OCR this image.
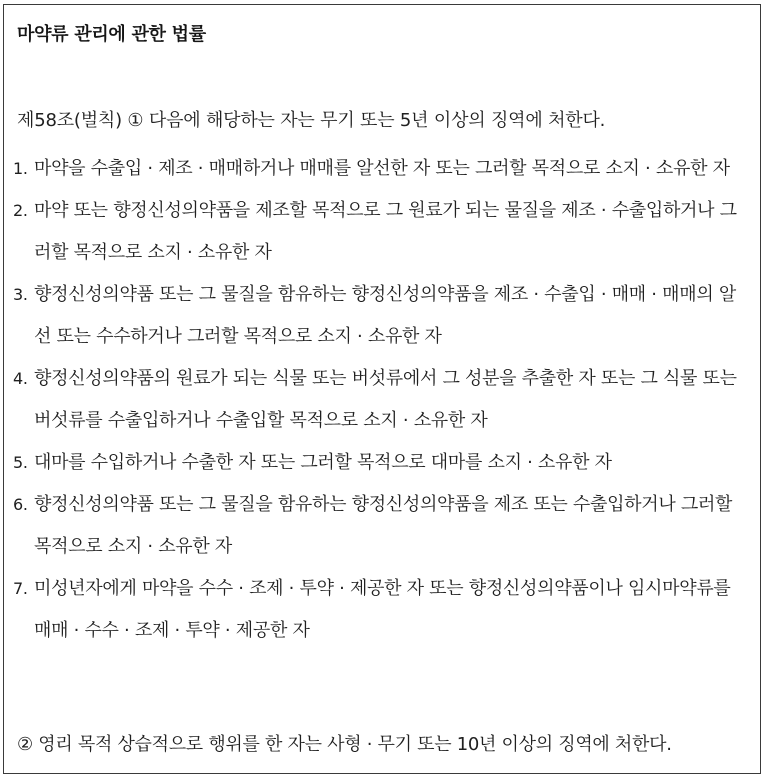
마약류 관리에 관한 법률
제58조(벌칙) ① 다음에 해당하는 자는 무기 또는 5년 이상의 징역에 처한다.
1. 마약을 수출입 · 제조 · 매매하거나 매매를 알선한 자 또는 그러할 목적으로 소지 · 소유한 자
2. 마약 또는 향정신성의약품을 제조할 목적으로 그 원료가 되는 물질을 제조 · 수출입하거나 그러할 목적으로 소지 · 소유한 자
3. 향정신성의약품 또는 그 물질을 함유하는 향정신성의약품을 제조 · 수출입 · 매매 · 매매의 알선 또는 수수하거나 그러할 목적으로 소지 · 소유한 자
4. 향정신성의약품의 원료가 되는 식물 또는 버섯류에서 그 성분을 추출한 자 또는 그 식물 또는 버섯류를 수출입하거나 수출입할 목적으로 소지 · 소유한 자
5. 대마를 수입하거나 수출한 자 또는 그러할 목적으로 대마를 소지 · 소유한 자
6. 향정신성의약품 또는 그 물질을 함유하는 향정신성의약품을 제조 또는 수출입하거나 그러할 목적으로 소지 · 소유한 자
7. 미성년자에게 마약을 수수 · 조제 · 투약 · 제공한 자 또는 향정신성의약품이나 임시마약류를 매매 · 수수 · 조제 · 투약 · 제공한 자
② 영리 목적 상습적으로 행위를 한 자는 사형 · 무기 또는 10년 이상의 징역에 처한다.
